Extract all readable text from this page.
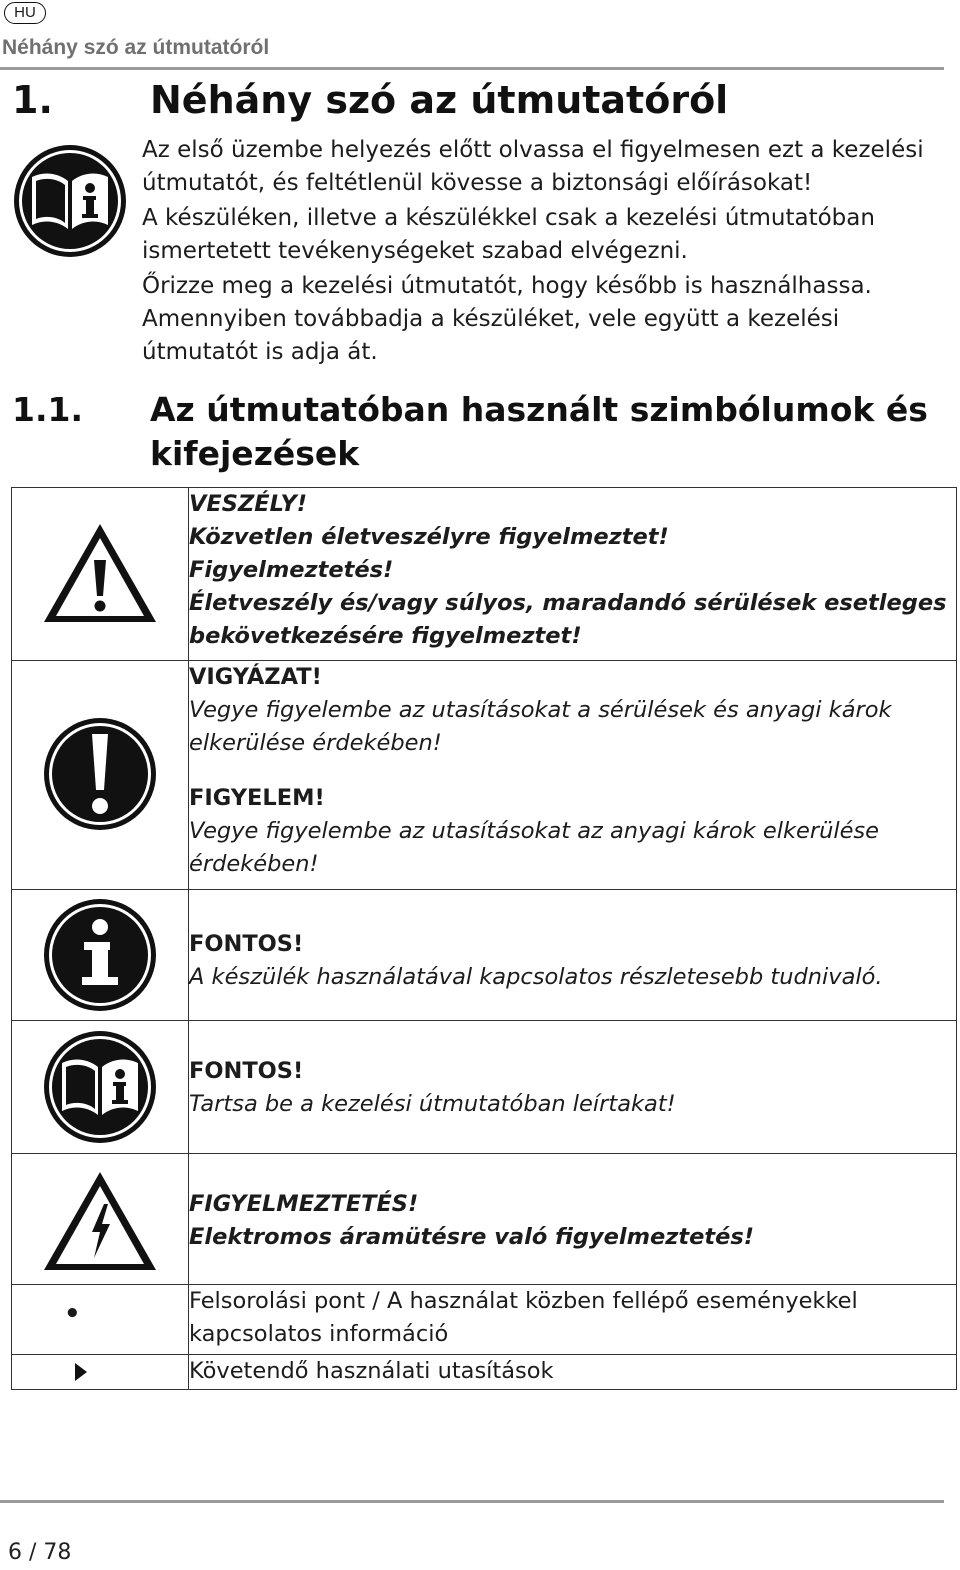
HU
Néhány szó az útmutatóról
1.	Néhány szó az útmutatóról

Az első üzembe helyezés előtt olvassa el figyelmesen ezt a kezelési útmutatót, és feltétlenül kövesse a biztonsági előírásokat!

A készüléken, illetve a készülékkel csak a kezelési útmutatóban ismertetett tevékenységeket szabad elvégezni.

Őrizze meg a kezelési útmutatót, hogy később is használhassa. Amennyiben továbbadja a készüléket, vele együtt a kezelési útmutatót is adja át.

1.1. Az útmutatóban használt szimbólumok és kifejezések

VESZÉLY!
Közvetlen életveszélyre figyelmeztet!
Figyelmeztetés!
Életveszély és/vagy súlyos, maradandó sérülések esetleges bekövetkezésére figyelmeztet!

VIGYÁZAT!
Vegye figyelembe az utasításokat a sérülések és anyagi károk elkerülése érdekében!
FIGYELEM!
Vegye figyelembe az utasításokat az anyagi károk elkerülése érdekében!

FONTOS!
A készülék használatával kapcsolatos részletesebb tudnivaló.

FONTOS!
Tartsa be a kezelési útmutatóban leírtakat!

FIGYELMEZTETÉS!
Elektromos áramütésre való figyelmeztetés!

•	Felsorolási pont / A használat közben fellépő eseményekkel kapcsolatos információ

Követendő használati utasítások
6 / 78
